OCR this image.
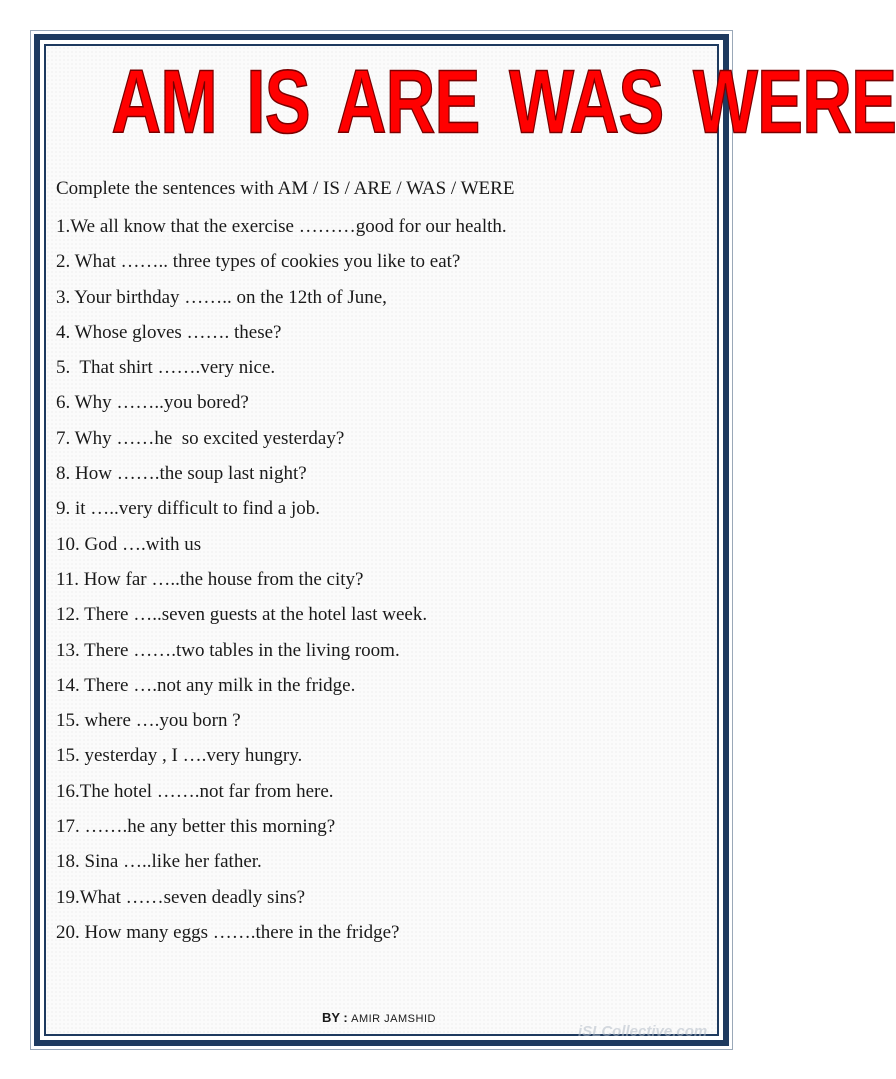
AM IS ARE WAS WERE
Complete the sentences with AM / IS / ARE / WAS / WERE
1.We all know that the exercise ………good for our health.
2. What …….. three types of cookies you like to eat?
3. Your birthday …….. on the 12th of June,
4. Whose gloves ……. these?
5.  That shirt …….very nice.
6. Why ……..you bored?
7. Why ……he  so excited yesterday?
8. How …….the soup last night?
9. it …..very difficult to find a job.
10. God ….with us
11. How far …..the house from the city?
12. There …..seven guests at the hotel last week.
13. There …….two tables in the living room.
14. There ….not any milk in the fridge.
15. where ….you born ?
15. yesterday , I ….very hungry.
16.The hotel …….not far from here.
17. …….he any better this morning?
18. Sina …..like her father.
19.What ……seven deadly sins?
20. How many eggs …….there in the fridge?
BY : AMIR JAMSHID
iSLCollective.com
